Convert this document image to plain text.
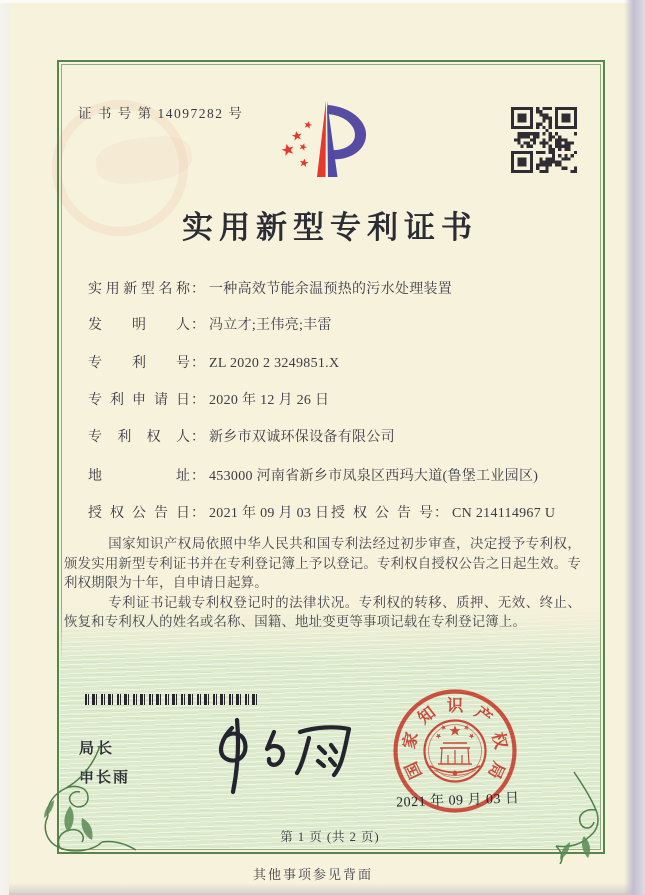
证 书 号 第 14097282 号
实用新型专利证书
实用新型名称： 一种高效节能余温预热的污水处理装置
发明人： 冯立才;王伟亮;丰雷
专利号： ZL 2020 2 3249851.X
专利申请日： 2020 年 12 月 26 日
专利权人： 新乡市双诚环保设备有限公司
地址： 453000 河南省新乡市凤泉区西玛大道(鲁堡工业园区)
授权公告日： 2021 年 09 月 03 日 授权公告号： CN 214114967 U

国家知识产权局依照中华人民共和国专利法经过初步审查，决定授予专利权，颁发实用新型专利证书并在专利登记簿上予以登记。专利权自授权公告之日起生效。专利权期限为十年，自申请日起算。

专利证书记载专利权登记时的法律状况。专利权的转移、质押、无效、终止、恢复和专利权人的姓名或名称、国籍、地址变更等事项记载在专利登记簿上。

局长
申长雨	国
家
知 识 产
权
局
2021 年 09 月 03 日
第 1 页 (共 2 页)
其他事项参见背面
